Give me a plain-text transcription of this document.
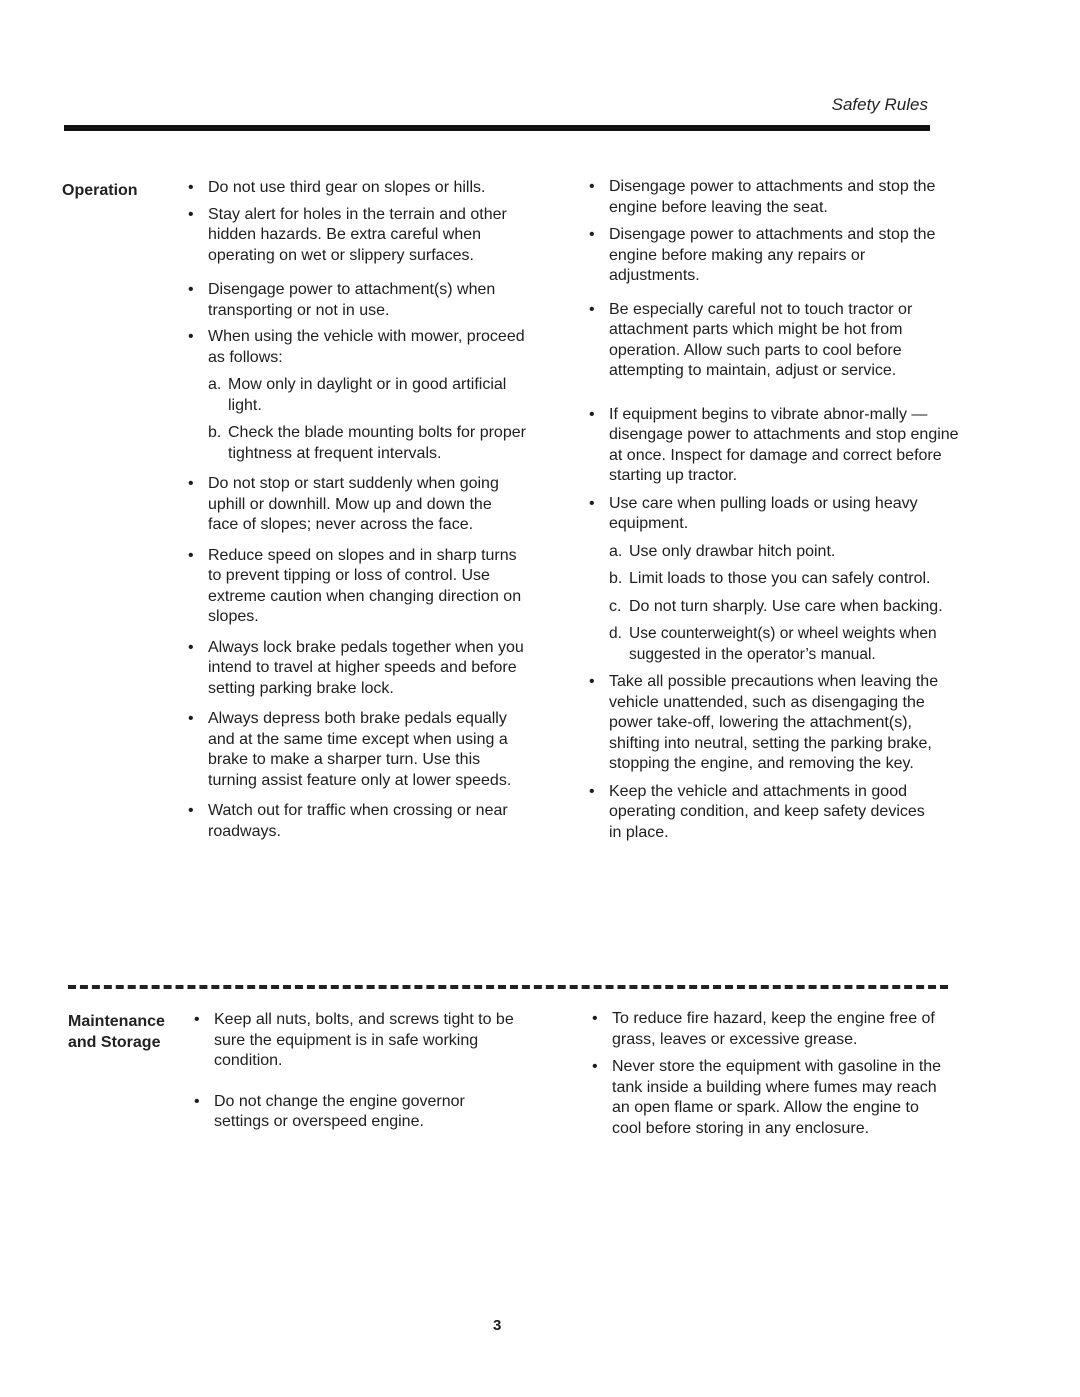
Safety Rules
Operation
•	Do not use third gear on slopes or hills.
• Stay alert for holes in the terrain and other hidden hazards. Be extra careful when operating on wet or slippery surfaces.
• Disengage power to attachment(s) when transporting or not in use.
• When using the vehicle with mower, proceed as follows:
a. Mow only in daylight or in good artificial light.
b. Check the blade mounting bolts for proper tightness at frequent intervals.
• Do not stop or start suddenly when going uphill or downhill. Mow up and down the face of slopes; never across the face.
• Reduce speed on slopes and in sharp turns to prevent tipping or loss of control. Use extreme caution when changing direction on slopes.
• Always lock brake pedals together when you intend to travel at higher speeds and before setting parking brake lock.
• Always depress both brake pedals equally and at the same time except when using a brake to make a sharper turn. Use this turning assist feature only at lower speeds.
• Watch out for traffic when crossing or near roadways.
• Disengage power to attachments and stop the engine before leaving the seat.
• Disengage power to attachments and stop the engine before making any repairs or adjustments.
• Be especially careful not to touch tractor or attachment parts which might be hot from operation. Allow such parts to cool before attempting to maintain, adjust or service.
• If equipment begins to vibrate abnor-mally — disengage power to attachments and stop engine at once. Inspect for damage and correct before starting up tractor.
• Use care when pulling loads or using heavy equipment.
a. Use only drawbar hitch point.
b. Limit loads to those you can safely control.
c. Do not turn sharply. Use care when backing.
d. Use counterweight(s) or wheel weights when suggested in the operator’s manual.
• Take all possible precautions when leaving the vehicle unattended, such as disengaging the power take-off, lowering the attachment(s), shifting into neutral, setting the parking brake, stopping the engine, and removing the key.
• Keep the vehicle and attachments in good operating condition, and keep safety devices in place.
Maintenance
and Storage
• Keep all nuts, bolts, and screws tight to be sure the equipment is in safe working condition.
• Do not change the engine governor settings or overspeed engine.
• To reduce fire hazard, keep the engine free of grass, leaves or excessive grease.
• Never store the equipment with gasoline in the tank inside a building where fumes may reach an open flame or spark. Allow the engine to cool before storing in any enclosure.
3
